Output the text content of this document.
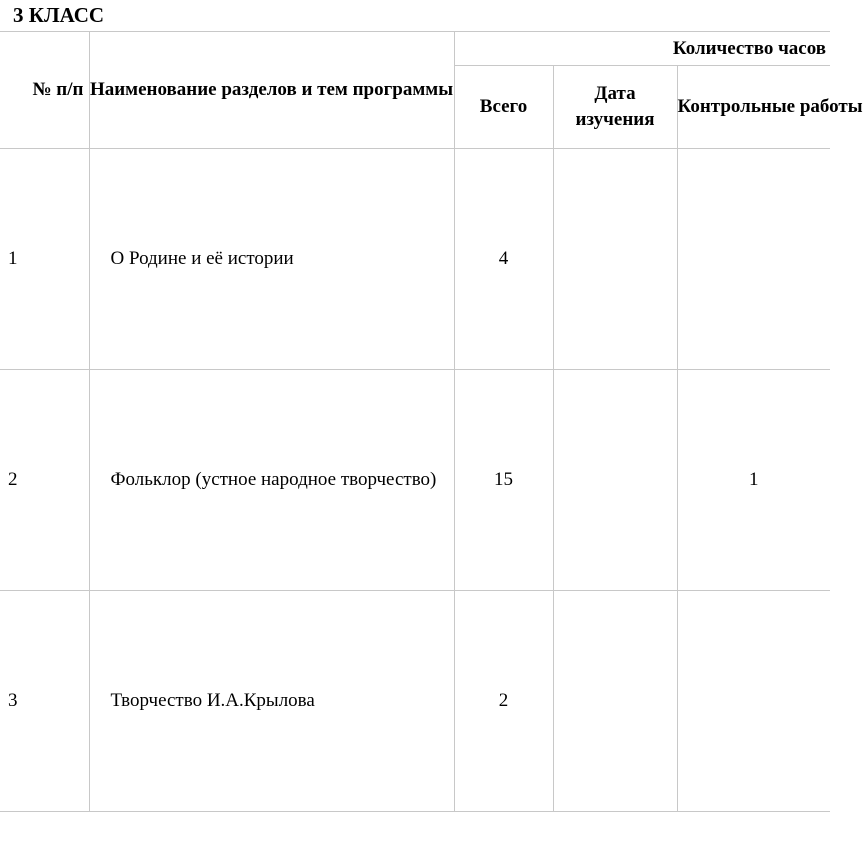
3 КЛАСС
№ п/п	Наименование разделов и тем программы	Количество часов		
		Всего	Дата изучения	Контрольные работы
1	О Родине и её истории	4		
2	Фольклор (устное народное творчество)	15		1
3	Творчество И.А.Крылова	2		
